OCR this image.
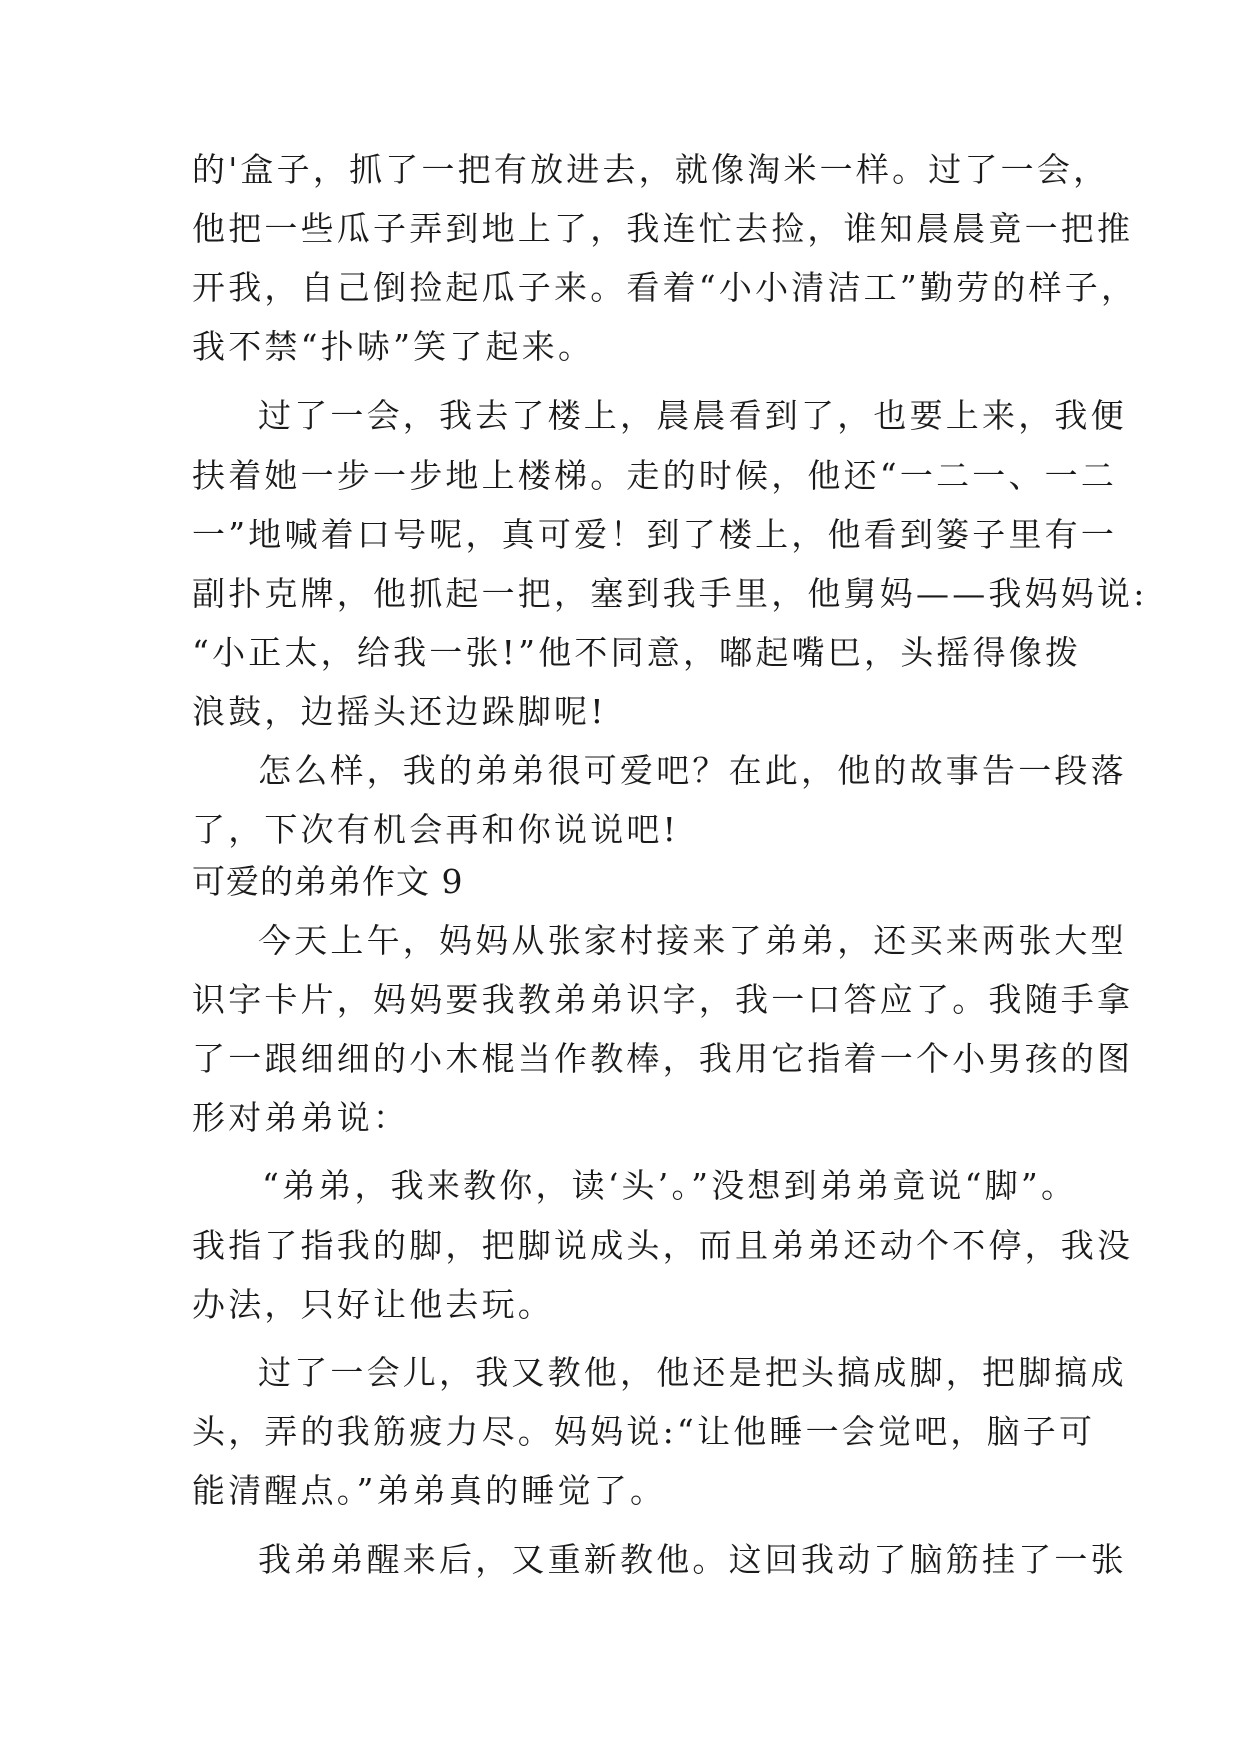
的'盒子，抓了一把有放进去，就像淘米一样。过了一会，
他把一些瓜子弄到地上了，我连忙去捡，谁知晨晨竟一把推
开我，自己倒捡起瓜子来。看着“小小清洁工”勤劳的样子，
我不禁“扑哧”笑了起来。
过了一会，我去了楼上，晨晨看到了，也要上来，我便
扶着她一步一步地上楼梯。走的时候，他还“一二一、一二
一”地喊着口号呢，真可爱！到了楼上，他看到篓子里有一
副扑克牌，他抓起一把，塞到我手里，他舅妈——我妈妈说:
“小正太，给我一张!”他不同意，嘟起嘴巴，头摇得像拨
浪鼓，边摇头还边跺脚呢!
怎么样，我的弟弟很可爱吧？在此，他的故事告一段落
了，下次有机会再和你说说吧!
可爱的弟弟作文 9
今天上午，妈妈从张家村接来了弟弟，还买来两张大型
识字卡片，妈妈要我教弟弟识字，我一口答应了。我随手拿
了一跟细细的小木棍当作教棒，我用它指着一个小男孩的图
形对弟弟说：
“弟弟，我来教你，读‘头’。”没想到弟弟竟说“脚”。
我指了指我的脚，把脚说成头，而且弟弟还动个不停，我没
办法，只好让他去玩。
过了一会儿，我又教他，他还是把头搞成脚，把脚搞成
头，弄的我筋疲力尽。妈妈说:“让他睡一会觉吧，脑子可
能清醒点。”弟弟真的睡觉了。
我弟弟醒来后，又重新教他。这回我动了脑筋挂了一张
